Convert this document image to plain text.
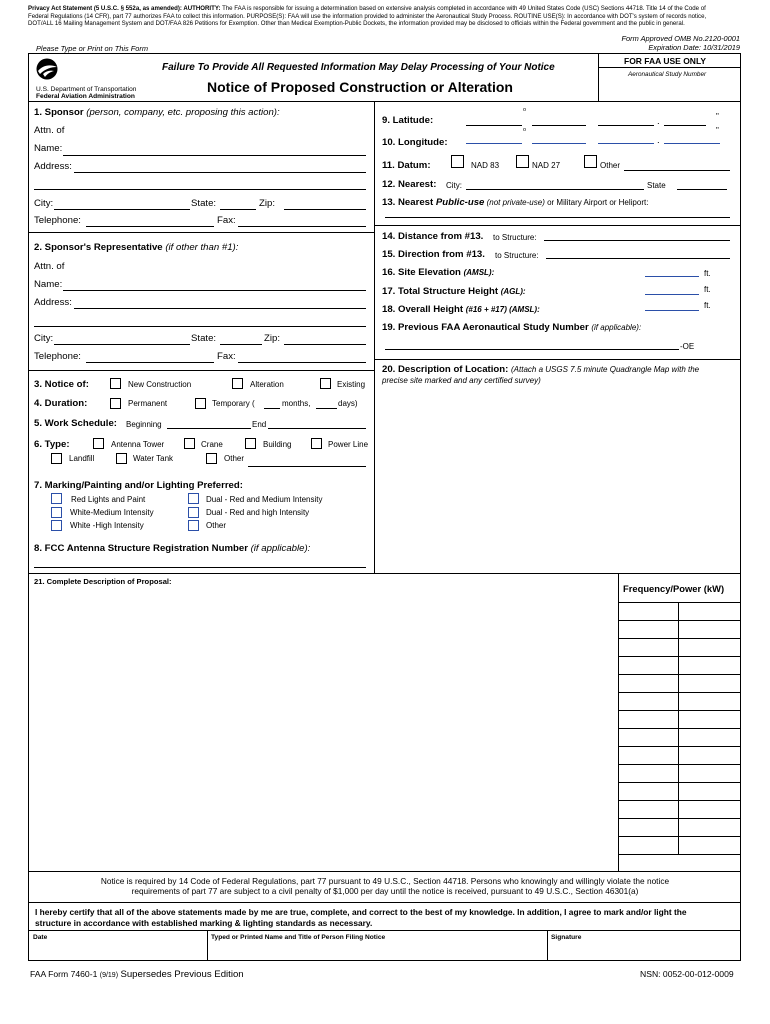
Privacy Act Statement (5 U.S.C. § 552a, as amended): AUTHORITY: The FAA is responsible for issuing a determination based on extensive analysis completed in accordance with 49 United States Code (USC) Sections 44718. Title 14 of the Code of
Federal Regulations (14 CFR), part 77 authorizes FAA to collect this information. PURPOSE(S): FAA will use the information provided to administer the Aeronautical Study Process. ROUTINE USE(S): In accordance with DOT's system of records notice,
DOT/ALL 16 Mailing Management System and DOT/FAA 826 Petitions for Exemption. Other than Medical Exemption-Public Dockets, the information provided may be disclosed to officials within the Federal government and the public in general.
Form Approved OMB No.2120-0001
Expiration Date: 10/31/2019
Please Type or Print on This Form
Failure To Provide All Requested Information May Delay Processing of Your Notice
Notice of Proposed Construction or Alteration
U.S. Department of Transportation
Federal Aviation Administration
FOR FAA USE ONLY
Aeronautical Study Number
1. Sponsor (person, company, etc. proposing this action):
Attn. of
Name:
Address:
City:	State:	Zip:
Telephone:	Fax:
2. Sponsor's Representative (if other than #1):
Attn. of
Name:
Address:
City:	State:	Zip:
Telephone:	Fax:
3. Notice of:	New Construction	Alteration	Existing
4. Duration:	Permanent	Temporary (	months,	days)
5. Work Schedule: Beginning	End
6. Type:	Antenna Tower	Crane	Building	Power Line
Landfill	Water Tank	Other
7. Marking/Painting and/or Lighting Preferred:
Red Lights and Paint	Dual - Red and Medium Intensity
White-Medium Intensity	Dual - Red and high Intensity
White -High Intensity	Other
8. FCC Antenna Structure Registration Number (if applicable):
9. Latitude:
o
.	"
10. Longitude:
o
.
"
11. Datum:	NAD 83	NAD 27	Other
12. Nearest: City:	State
13. Nearest Public-use (not private-use) or Military Airport or Heliport:
14. Distance from #13. to Structure:
15. Direction from #13. to Structure:
16. Site Elevation (AMSL):	ft.
17. Total Structure Height (AGL):	ft.
18. Overall Height (#16 + #17) (AMSL):	ft.
19. Previous FAA Aeronautical Study Number (if applicable):
-OE
20. Description of Location: (Attach a USGS 7.5 minute Quadrangle Map with the
precise site marked and any certified survey)
21. Complete Description of Proposal:
Frequency/Power (kW)
Notice is required by 14 Code of Federal Regulations, part 77 pursuant to 49 U.S.C., Section 44718. Persons who knowingly and willingly violate the notice
requirements of part 77 are subject to a civil penalty of $1,000 per day until the notice is received, pursuant to 49 U.S.C., Section 46301(a)
I hereby certify that all of the above statements made by me are true, complete, and correct to the best of my knowledge. In addition, I agree to mark and/or light the
structure in accordance with established marking & lighting standards as necessary.
Date	Typed or Printed Name and Title of Person Filing Notice	Signature
FAA Form 7460-1 (9/19) Supersedes Previous Edition	NSN: 0052-00-012-0009
